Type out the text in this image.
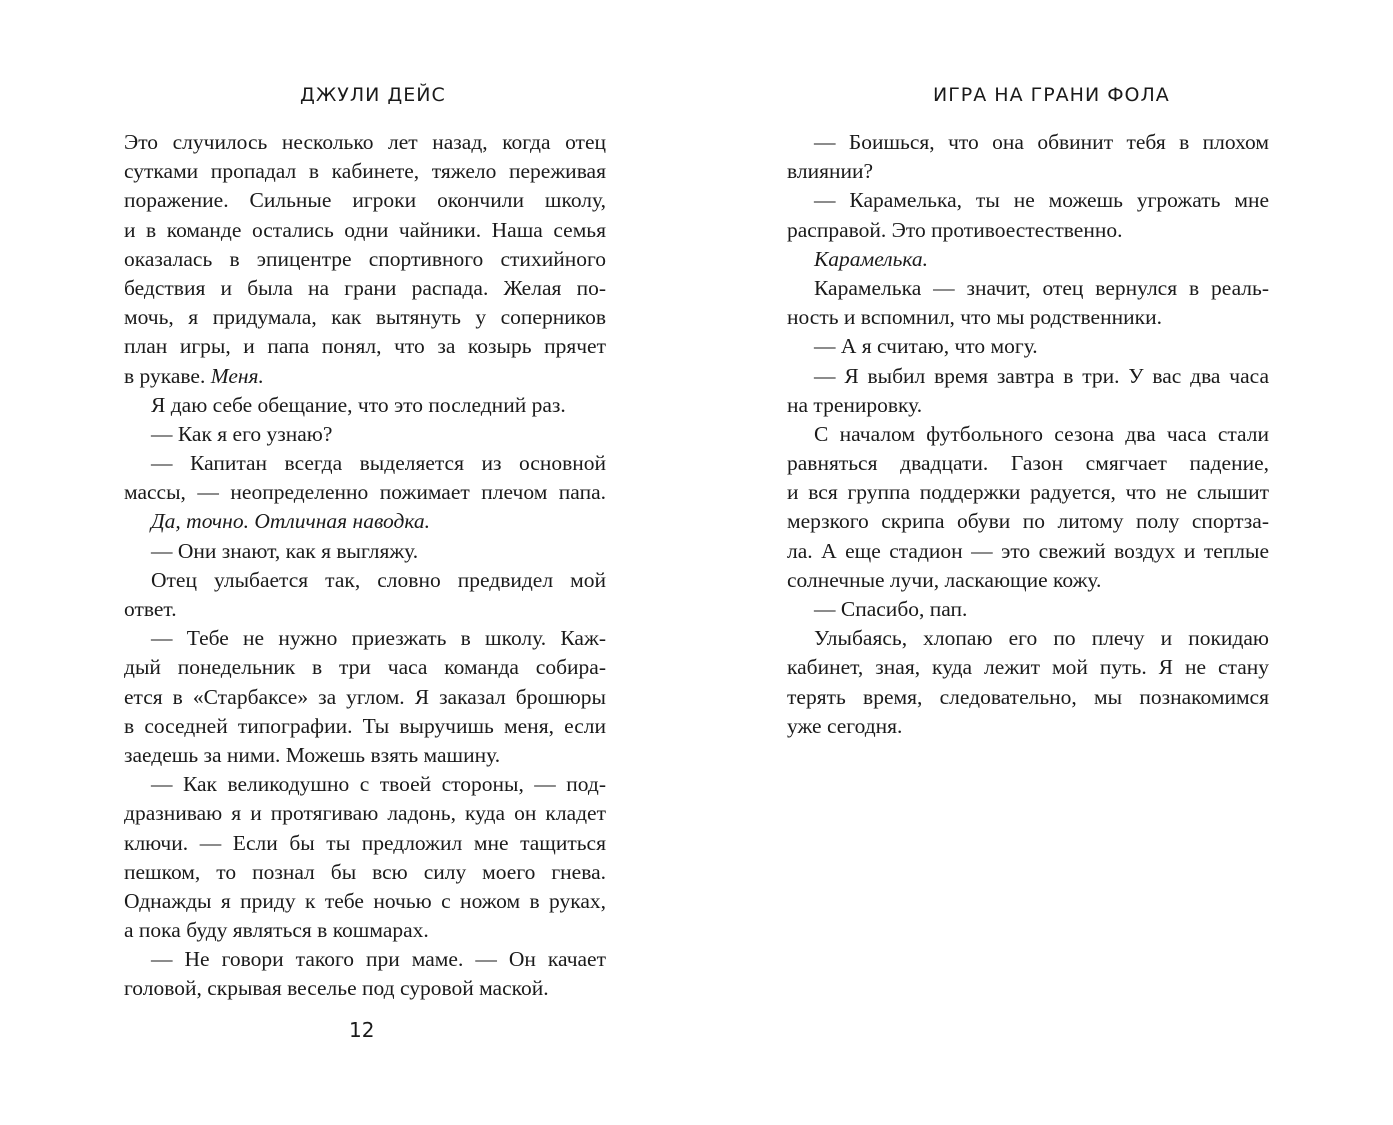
ДЖУЛИ ДЕЙС
Это случилось несколько лет назад, когда отец
сутками пропадал в кабинете, тяжело переживая
поражение. Сильные игроки окончили школу,
и в команде остались одни чайники. Наша семья
оказалась в эпицентре спортивного стихийного
бедствия и была на грани распада. Желая по-
мочь, я придумала, как вытянуть у соперников
план игры, и папа понял, что за козырь прячет
в рукаве. Меня.
Я даю себе обещание, что это последний раз.
— Как я его узнаю?
— Капитан всегда выделяется из основной
массы, — неопределенно пожимает плечом папа.
Да, точно. Отличная наводка.
— Они знают, как я выгляжу.
Отец улыбается так, словно предвидел мой
ответ.
— Тебе не нужно приезжать в школу. Каж-
дый понедельник в три часа команда собира-
ется в «Старбаксе» за углом. Я заказал брошюры
в соседней типографии. Ты выручишь меня, если
заедешь за ними. Можешь взять машину.
— Как великодушно с твоей стороны, — под-
дразниваю я и протягиваю ладонь, куда он кладет
ключи. — Если бы ты предложил мне тащиться
пешком, то познал бы всю силу моего гнева.
Однажды я приду к тебе ночью с ножом в руках,
а пока буду являться в кошмарах.
— Не говори такого при маме. — Он качает
головой, скрывая веселье под суровой маской.
12
ИГРА НА ГРАНИ ФОЛА
— Боишься, что она обвинит тебя в плохом
влиянии?
— Карамелька, ты не можешь угрожать мне
расправой. Это противоестественно.
Карамелька.
Карамелька — значит, отец вернулся в реаль-
ность и вспомнил, что мы родственники.
— А я считаю, что могу.
— Я выбил время завтра в три. У вас два часа
на тренировку.
С началом футбольного сезона два часа стали
равняться двадцати. Газон смягчает падение,
и вся группа поддержки радуется, что не слышит
мерзкого скрипа обуви по литому полу спортза-
ла. А еще стадион — это свежий воздух и теплые
солнечные лучи, ласкающие кожу.
— Спасибо, пап.
Улыбаясь, хлопаю его по плечу и покидаю
кабинет, зная, куда лежит мой путь. Я не стану
терять время, следовательно, мы познакомимся
уже сегодня.
